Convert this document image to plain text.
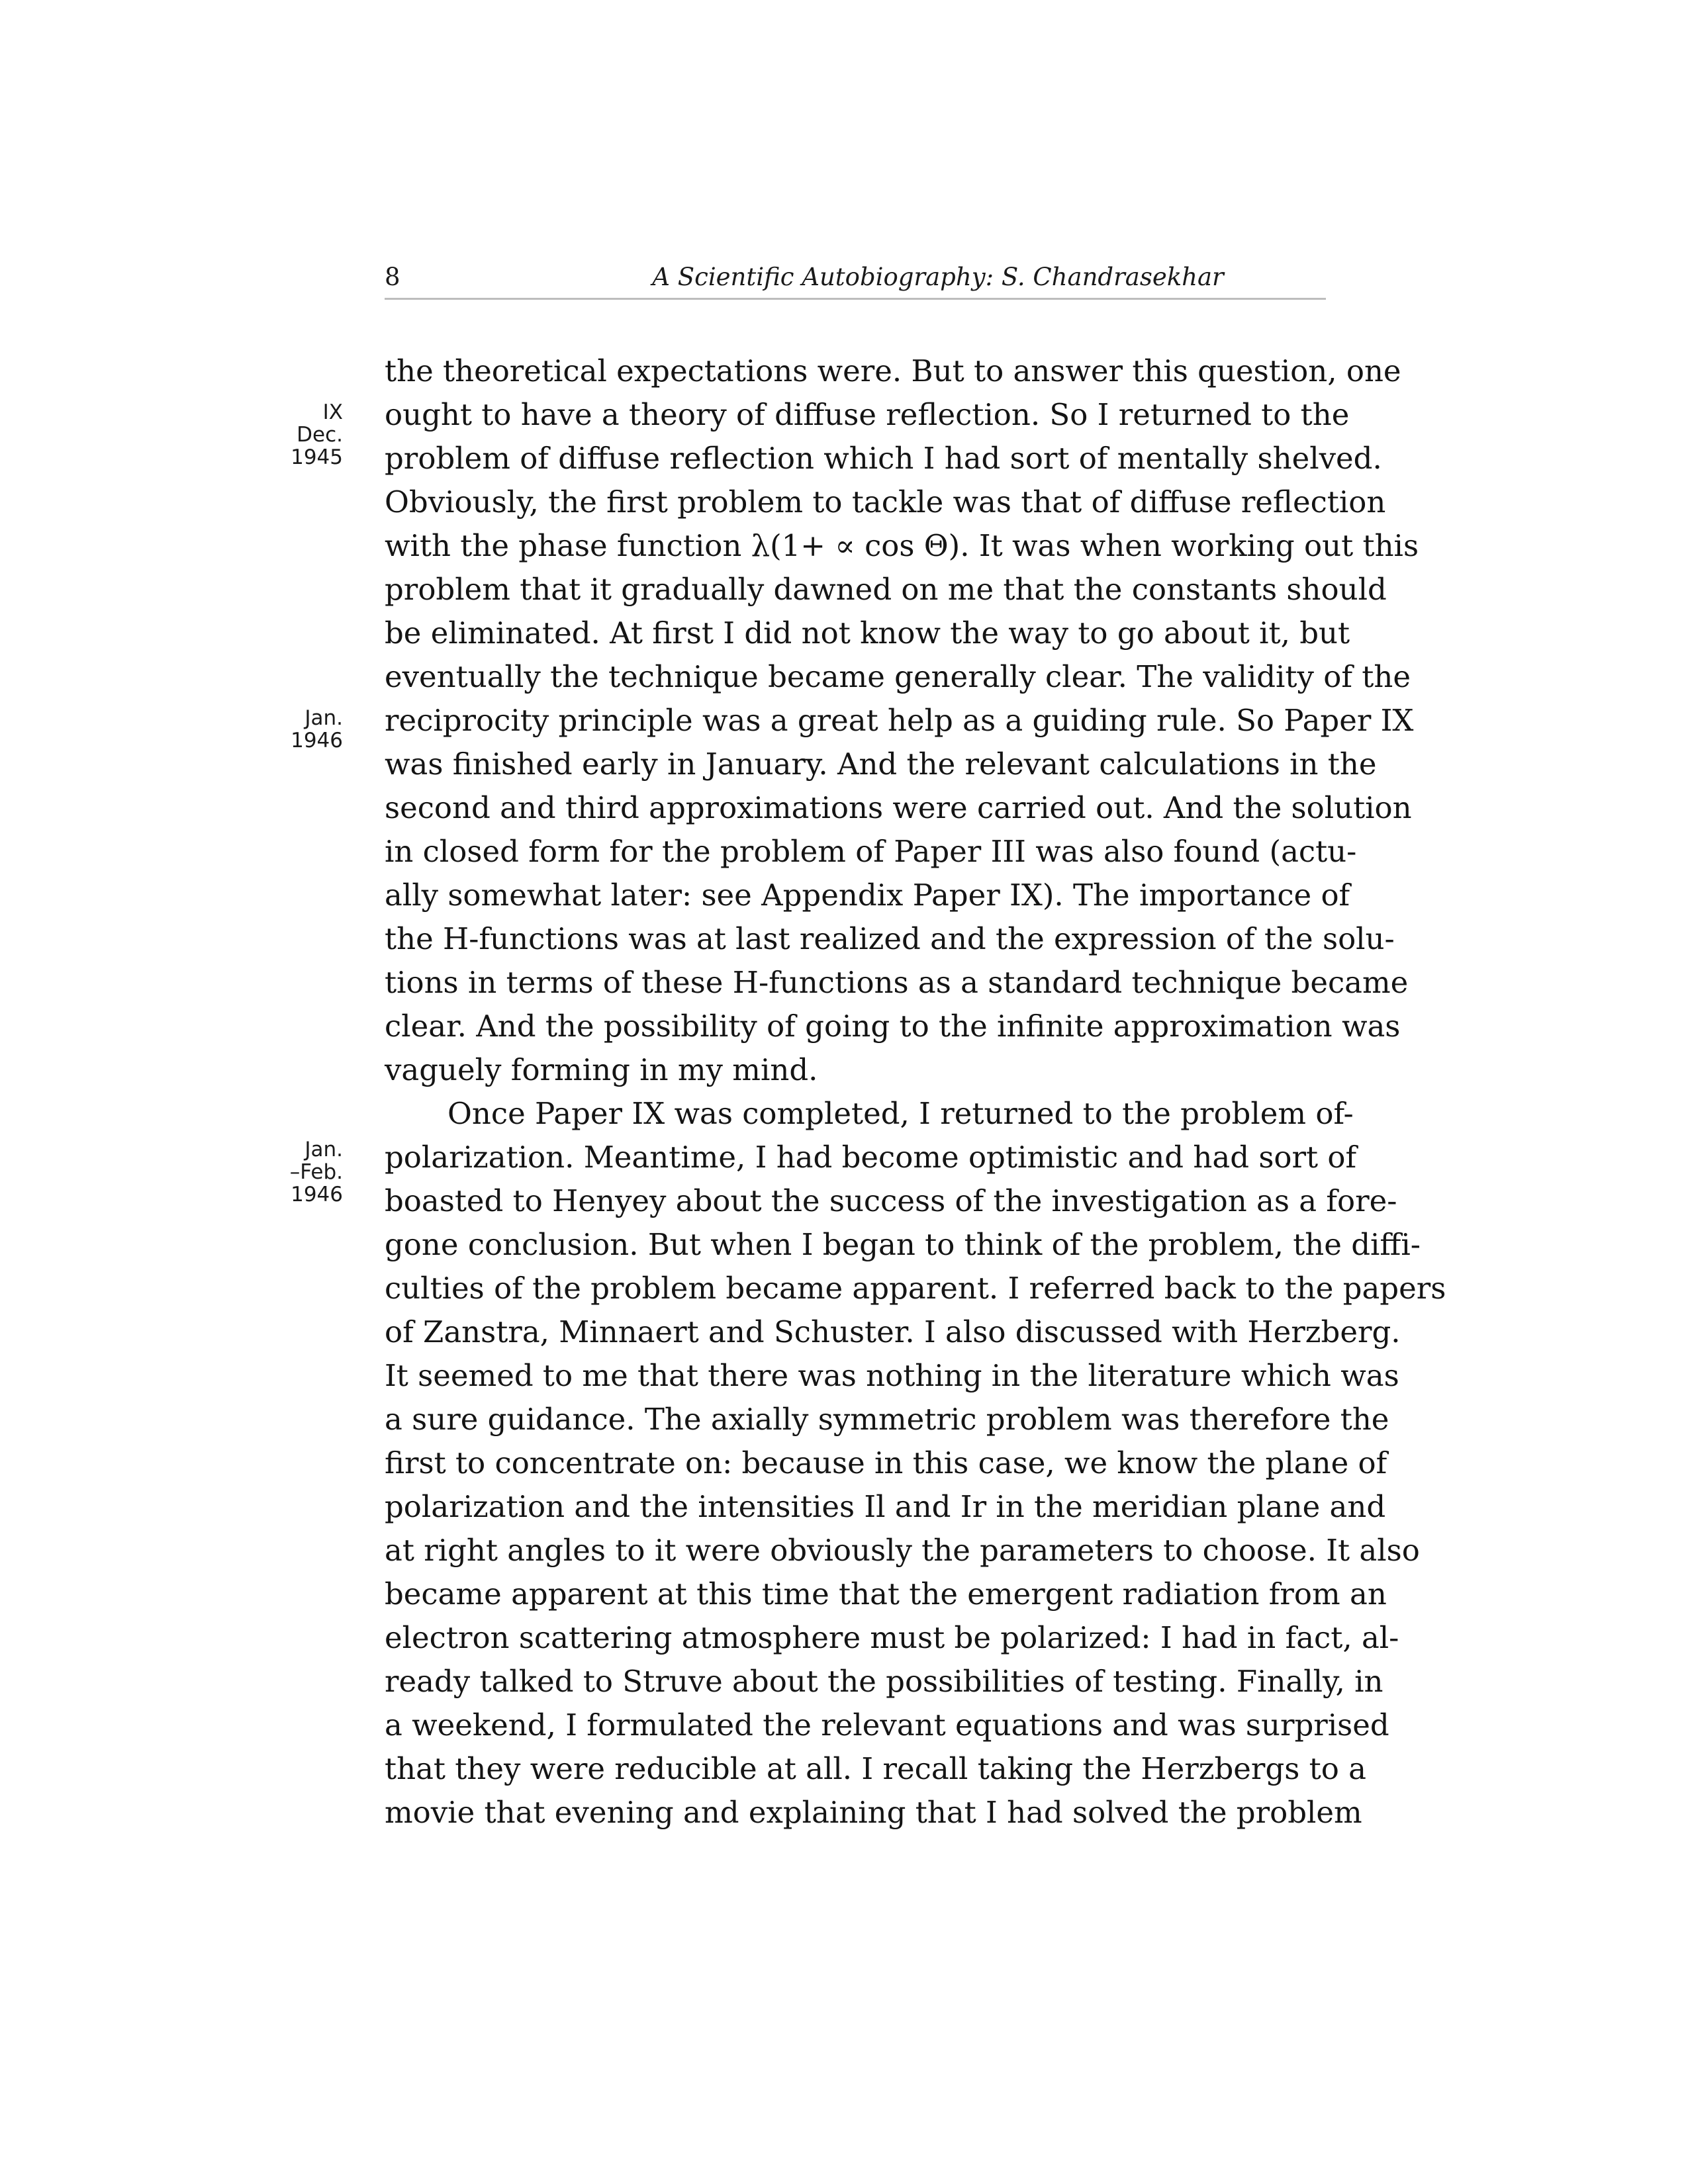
8	A Scientific Autobiography: S. Chandrasekhar
IX
Dec.
1945
Jan.
1946
Jan.
–Feb.
1946
the theoretical expectations were. But to answer this question, one
ought to have a theory of diffuse reflection. So I returned to the
problem of diffuse reflection which I had sort of mentally shelved.
Obviously, the first problem to tackle was that of diffuse reflection
with the phase function λ(1+ ∝ cos Θ). It was when working out this
problem that it gradually dawned on me that the constants should
be eliminated. At first I did not know the way to go about it, but
eventually the technique became generally clear. The validity of the
reciprocity principle was a great help as a guiding rule. So Paper IX
was finished early in January. And the relevant calculations in the
second and third approximations were carried out. And the solution
in closed form for the problem of Paper III was also found (actu-
ally somewhat later: see Appendix Paper IX). The importance of
the H-functions was at last realized and the expression of the solu-
tions in terms of these H-functions as a standard technique became
clear. And the possibility of going to the infinite approximation was
vaguely forming in my mind.
Once Paper IX was completed, I returned to the problem of-
polarization. Meantime, I had become optimistic and had sort of
boasted to Henyey about the success of the investigation as a fore-
gone conclusion. But when I began to think of the problem, the diffi-
culties of the problem became apparent. I referred back to the papers
of Zanstra, Minnaert and Schuster. I also discussed with Herzberg.
It seemed to me that there was nothing in the literature which was
a sure guidance. The axially symmetric problem was therefore the
first to concentrate on: because in this case, we know the plane of
polarization and the intensities Il and Ir in the meridian plane and
at right angles to it were obviously the parameters to choose. It also
became apparent at this time that the emergent radiation from an
electron scattering atmosphere must be polarized: I had in fact, al-
ready talked to Struve about the possibilities of testing. Finally, in
a weekend, I formulated the relevant equations and was surprised
that they were reducible at all. I recall taking the Herzbergs to a
movie that evening and explaining that I had solved the problem
